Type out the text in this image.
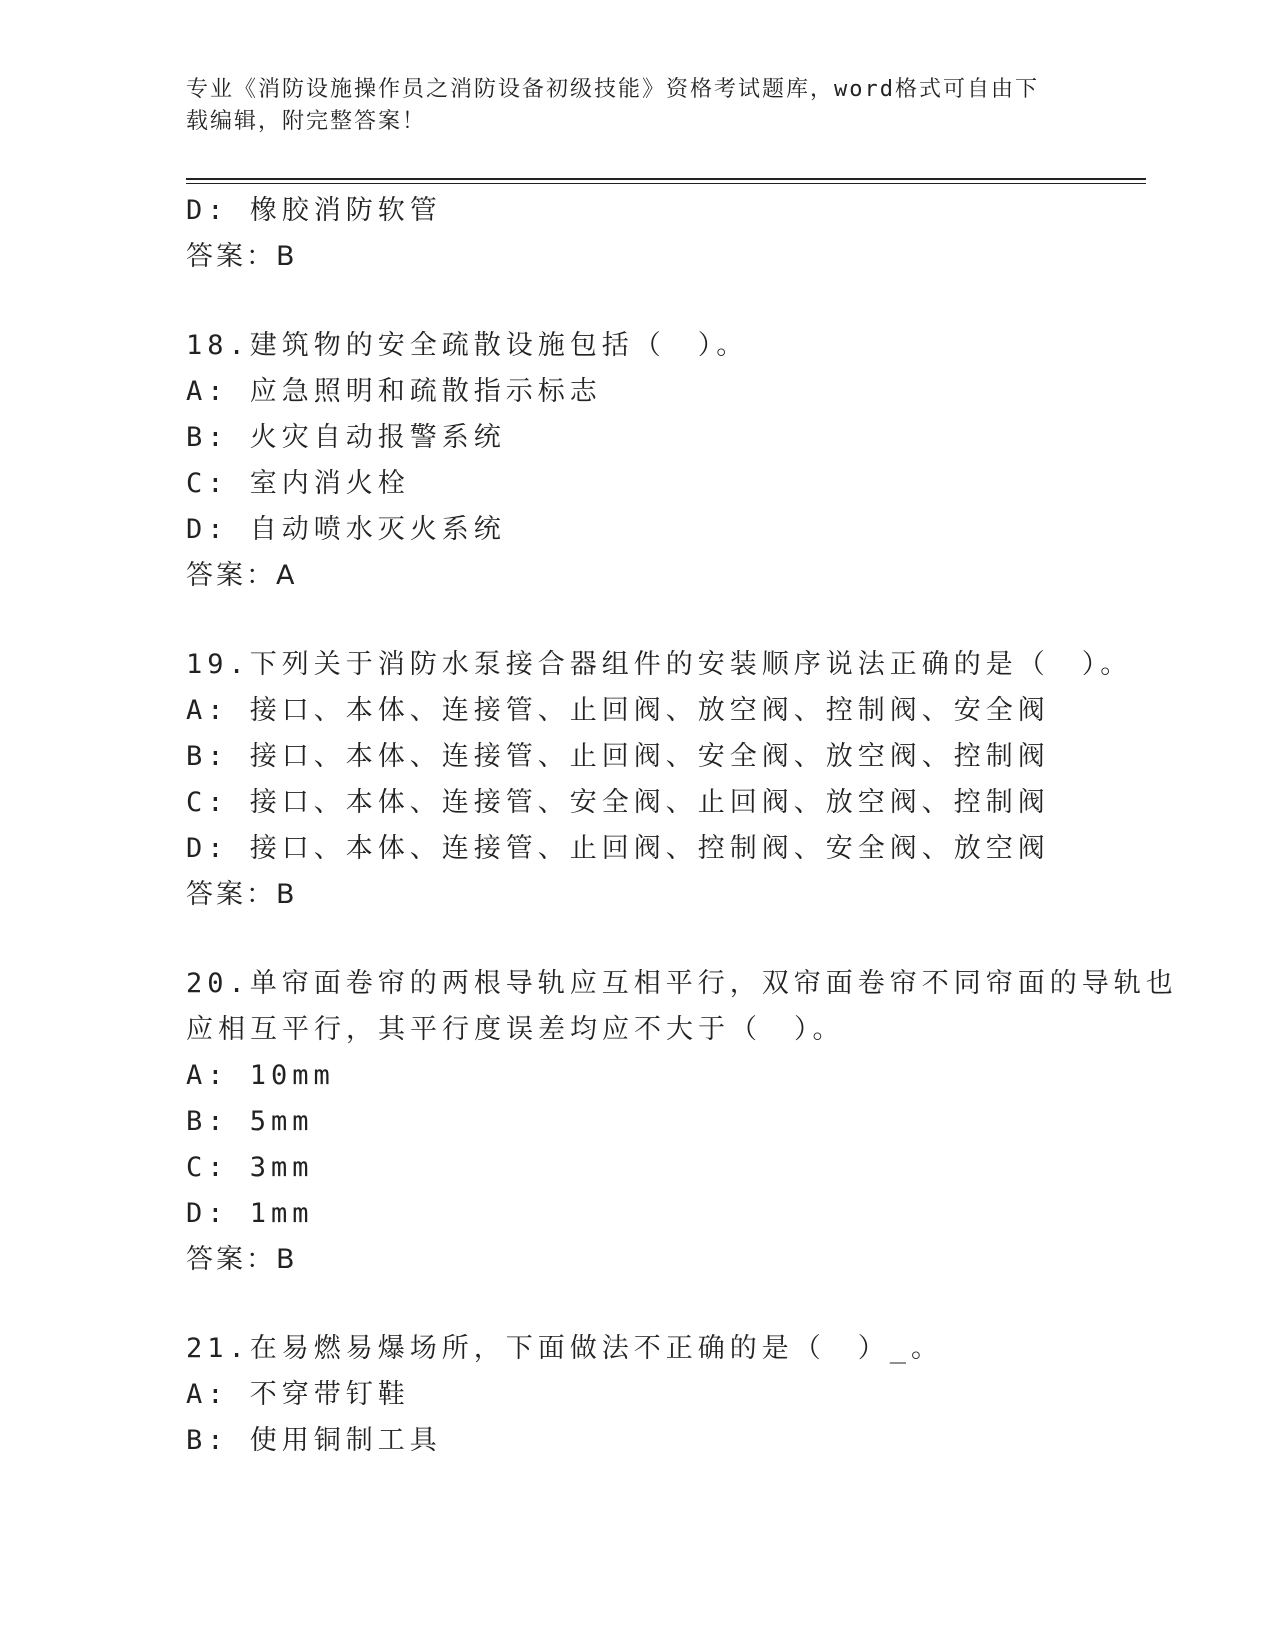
专业《消防设施操作员之消防设备初级技能》资格考试题库，word格式可自由下
载编辑，附完整答案！
D: 橡胶消防软管
答案：B
18.建筑物的安全疏散设施包括（　）。
A: 应急照明和疏散指示标志
B: 火灾自动报警系统
C: 室内消火栓
D: 自动喷水灭火系统
答案：A
19.下列关于消防水泵接合器组件的安装顺序说法正确的是（　）。
A: 接口、本体、连接管、止回阀、放空阀、控制阀、安全阀
B: 接口、本体、连接管、止回阀、安全阀、放空阀、控制阀
C: 接口、本体、连接管、安全阀、止回阀、放空阀、控制阀
D: 接口、本体、连接管、止回阀、控制阀、安全阀、放空阀
答案：B
20.单帘面卷帘的两根导轨应互相平行，双帘面卷帘不同帘面的导轨也
应相互平行，其平行度误差均应不大于（　）。
A: 10mm
B: 5mm
C: 3mm
D: 1mm
答案：B
21.在易燃易爆场所，下面做法不正确的是（　）_。
A: 不穿带钉鞋
B: 使用铜制工具
